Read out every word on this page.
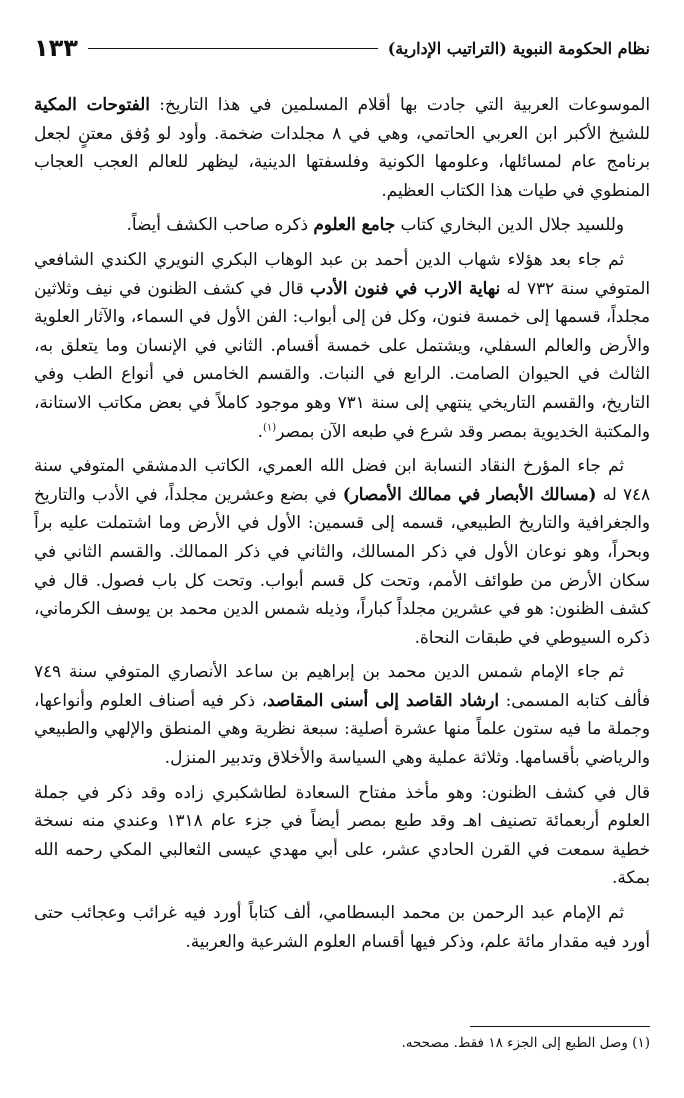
نظام الحكومة النبوية (التراتيب الإدارية)
١٣٣

الموسوعات العربية التي جادت بها أقلام المسلمين في هذا التاريخ: الفتوحات المكية للشيخ الأكبر ابن العربي الحاتمي، وهي في ٨ مجلدات ضخمة. وأود لو وُفق معتنٍ لجعل برنامج عام لمسائلها، وعلومها الكونية وفلسفتها الدينية، ليظهر للعالم العجب العجاب المنطوي في طيات هذا الكتاب العظيم.

وللسيد جلال الدين البخاري كتاب جامع العلوم ذكره صاحب الكشف أيضاً.

ثم جاء بعد هؤلاء شهاب الدين أحمد بن عبد الوهاب البكري النويري الكندي الشافعي المتوفي سنة ٧٣٢ له نهاية الارب في فنون الأدب قال في كشف الظنون في نيف وثلاثين مجلداً، قسمها إلى خمسة فنون، وكل فن إلى أبواب: الفن الأول في السماء، والآثار العلوية والأرض والعالم السفلي، ويشتمل على خمسة أقسام. الثاني في الإنسان وما يتعلق به، الثالث في الحيوان الصامت. الرابع في النبات. والقسم الخامس في أنواع الطب وفي التاريخ، والقسم التاريخي ينتهي إلى سنة ٧٣١ وهو موجود كاملاً في بعض مكاتب الاستانة، والمكتبة الخديوية بمصر وقد شرع في طبعه الآن بمصر$^{(١)}$.

ثم جاء المؤرخ النقاد النسابة ابن فضل الله العمري، الكاتب الدمشقي المتوفي سنة ٧٤٨ له (مسالك الأبصار في ممالك الأمصار) في بضع وعشرين مجلداً، في الأدب والتاريخ والجغرافية والتاريخ الطبيعي، قسمه إلى قسمين: الأول في الأرض وما اشتملت عليه براً وبحراً، وهو نوعان الأول في ذكر المسالك، والثاني في ذكر الممالك. والقسم الثاني في سكان الأرض من طوائف الأمم، وتحت كل قسم أبواب. وتحت كل باب فصول. قال في كشف الظنون: هو في عشرين مجلداً كباراً، وذيله شمس الدين محمد بن يوسف الكرماني، ذكره السيوطي في طبقات النحاة.

ثم جاء الإمام شمس الدين محمد بن إبراهيم بن ساعد الأنصاري المتوفي سنة ٧٤٩ فألف كتابه المسمى: ارشاد القاصد إلى أسنى المقاصد، ذكر فيه أصناف العلوم وأنواعها، وجملة ما فيه ستون علماً منها عشرة أصلية: سبعة نظرية وهي المنطق والإلهي والطبيعي والرياضي بأقسامها. وثلاثة عملية وهي السياسة والأخلاق وتدبير المنزل.

قال في كشف الظنون: وهو مأخذ مفتاح السعادة لطاشكبري زاده وقد ذكر في جملة العلوم أربعمائة تصنيف اهـ وقد طبع بمصر أيضاً في جزء عام ١٣١٨ وعندي منه نسخة خطية سمعت في القرن الحادي عشر، على أبي مهدي عيسى الثعالبي المكي رحمه الله بمكة.

ثم الإمام عبد الرحمن بن محمد البسطامي، ألف كتاباً أورد فيه غرائب وعجائب حتى أورد فيه مقدار مائة علم، وذكر فيها أقسام العلوم الشرعية والعربية.

(١) وصل الطبع إلى الجزء ١٨ فقط. مصححه.
